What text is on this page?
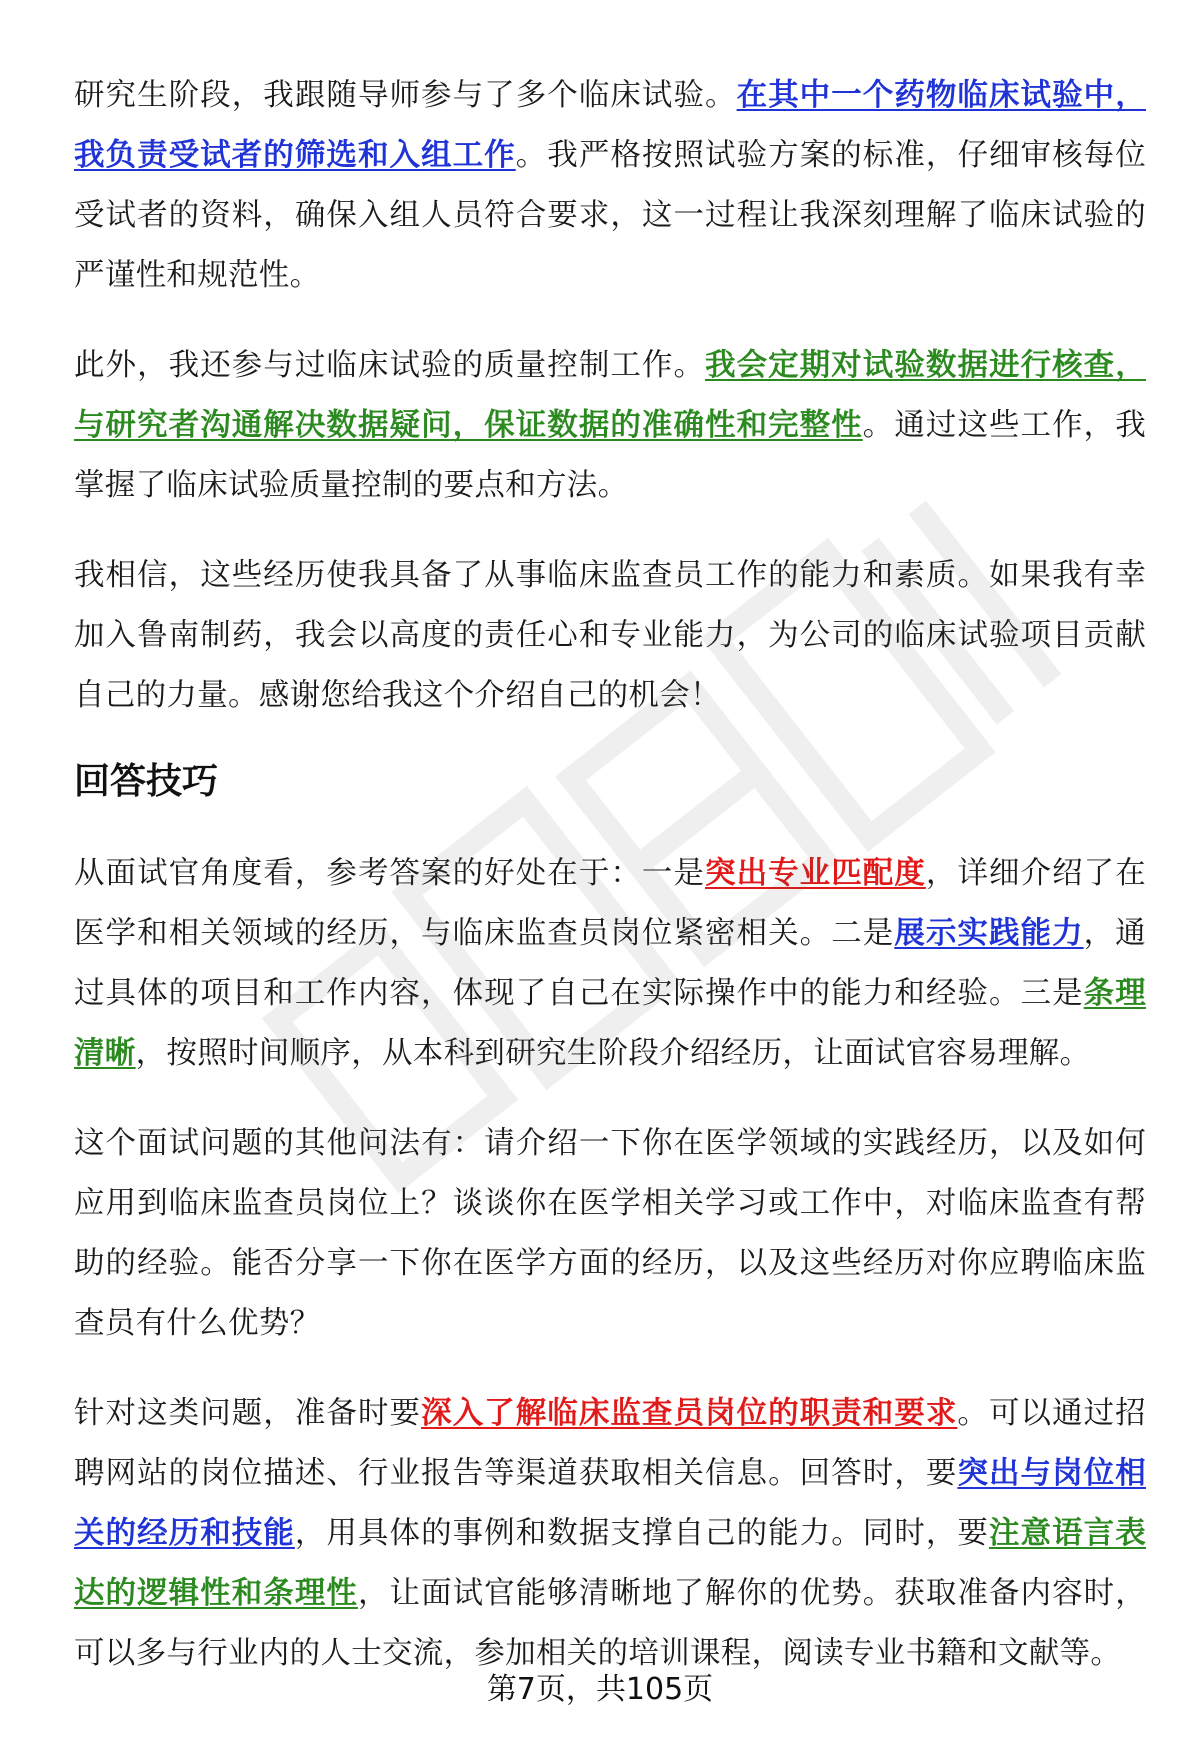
研究生阶段，我跟随导师参与了多个临床试验。在其中一个药物临床试验中，我负责受试者的筛选和入组工作。我严格按照试验方案的标准，仔细审核每位受试者的资料，确保入组人员符合要求，这一过程让我深刻理解了临床试验的严谨性和规范性。

此外，我还参与过临床试验的质量控制工作。我会定期对试验数据进行核查，与研究者沟通解决数据疑问，保证数据的准确性和完整性。通过这些工作，我掌握了临床试验质量控制的要点和方法。

我相信，这些经历使我具备了从事临床监查员工作的能力和素质。如果我有幸加入鲁南制药，我会以高度的责任心和专业能力，为公司的临床试验项目贡献自己的力量。感谢您给我这个介绍自己的机会！

回答技巧

从面试官角度看，参考答案的好处在于：一是突出专业匹配度，详细介绍了在医学和相关领域的经历，与临床监查员岗位紧密相关。二是展示实践能力，通过具体的项目和工作内容，体现了自己在实际操作中的能力和经验。三是条理清晰，按照时间顺序，从本科到研究生阶段介绍经历，让面试官容易理解。

这个面试问题的其他问法有：请介绍一下你在医学领域的实践经历，以及如何应用到临床监查员岗位上？谈谈你在医学相关学习或工作中，对临床监查有帮助的经验。能否分享一下你在医学方面的经历，以及这些经历对你应聘临床监查员有什么优势？

针对这类问题，准备时要深入了解临床监查员岗位的职责和要求。可以通过招聘网站的岗位描述、行业报告等渠道获取相关信息。回答时，要突出与岗位相关的经历和技能，用具体的事例和数据支撑自己的能力。同时，要注意语言表达的逻辑性和条理性，让面试官能够清晰地了解你的优势。获取准备内容时，可以多与行业内的人士交流，参加相关的培训课程，阅读专业书籍和文献等。

第7页，共105页
